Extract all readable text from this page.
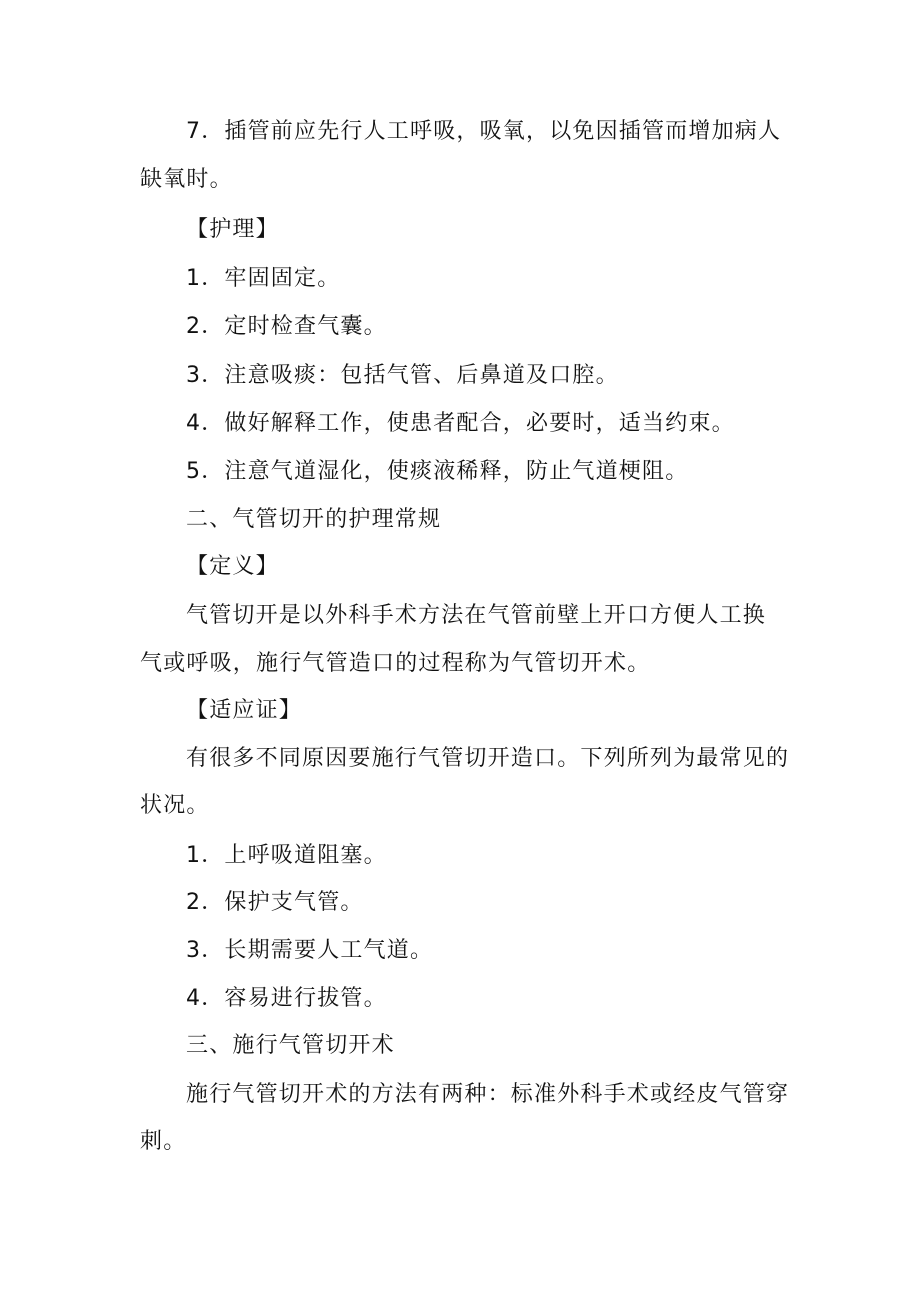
7．插管前应先行人工呼吸，吸氧，以免因插管而增加病人
缺氧时。
【护理】
1．牢固固定。
2．定时检查气囊。
3．注意吸痰：包括气管、后鼻道及口腔。
4．做好解释工作，使患者配合，必要时，适当约束。
5．注意气道湿化，使痰液稀释，防止气道梗阻。
二、气管切开的护理常规
【定义】
气管切开是以外科手术方法在气管前壁上开口方便人工换
气或呼吸，施行气管造口的过程称为气管切开术。
【适应证】
有很多不同原因要施行气管切开造口。下列所列为最常见的
状况。
1．上呼吸道阻塞。
2．保护支气管。
3．长期需要人工气道。
4．容易进行拔管。
三、施行气管切开术
施行气管切开术的方法有两种：标准外科手术或经皮气管穿
刺。
